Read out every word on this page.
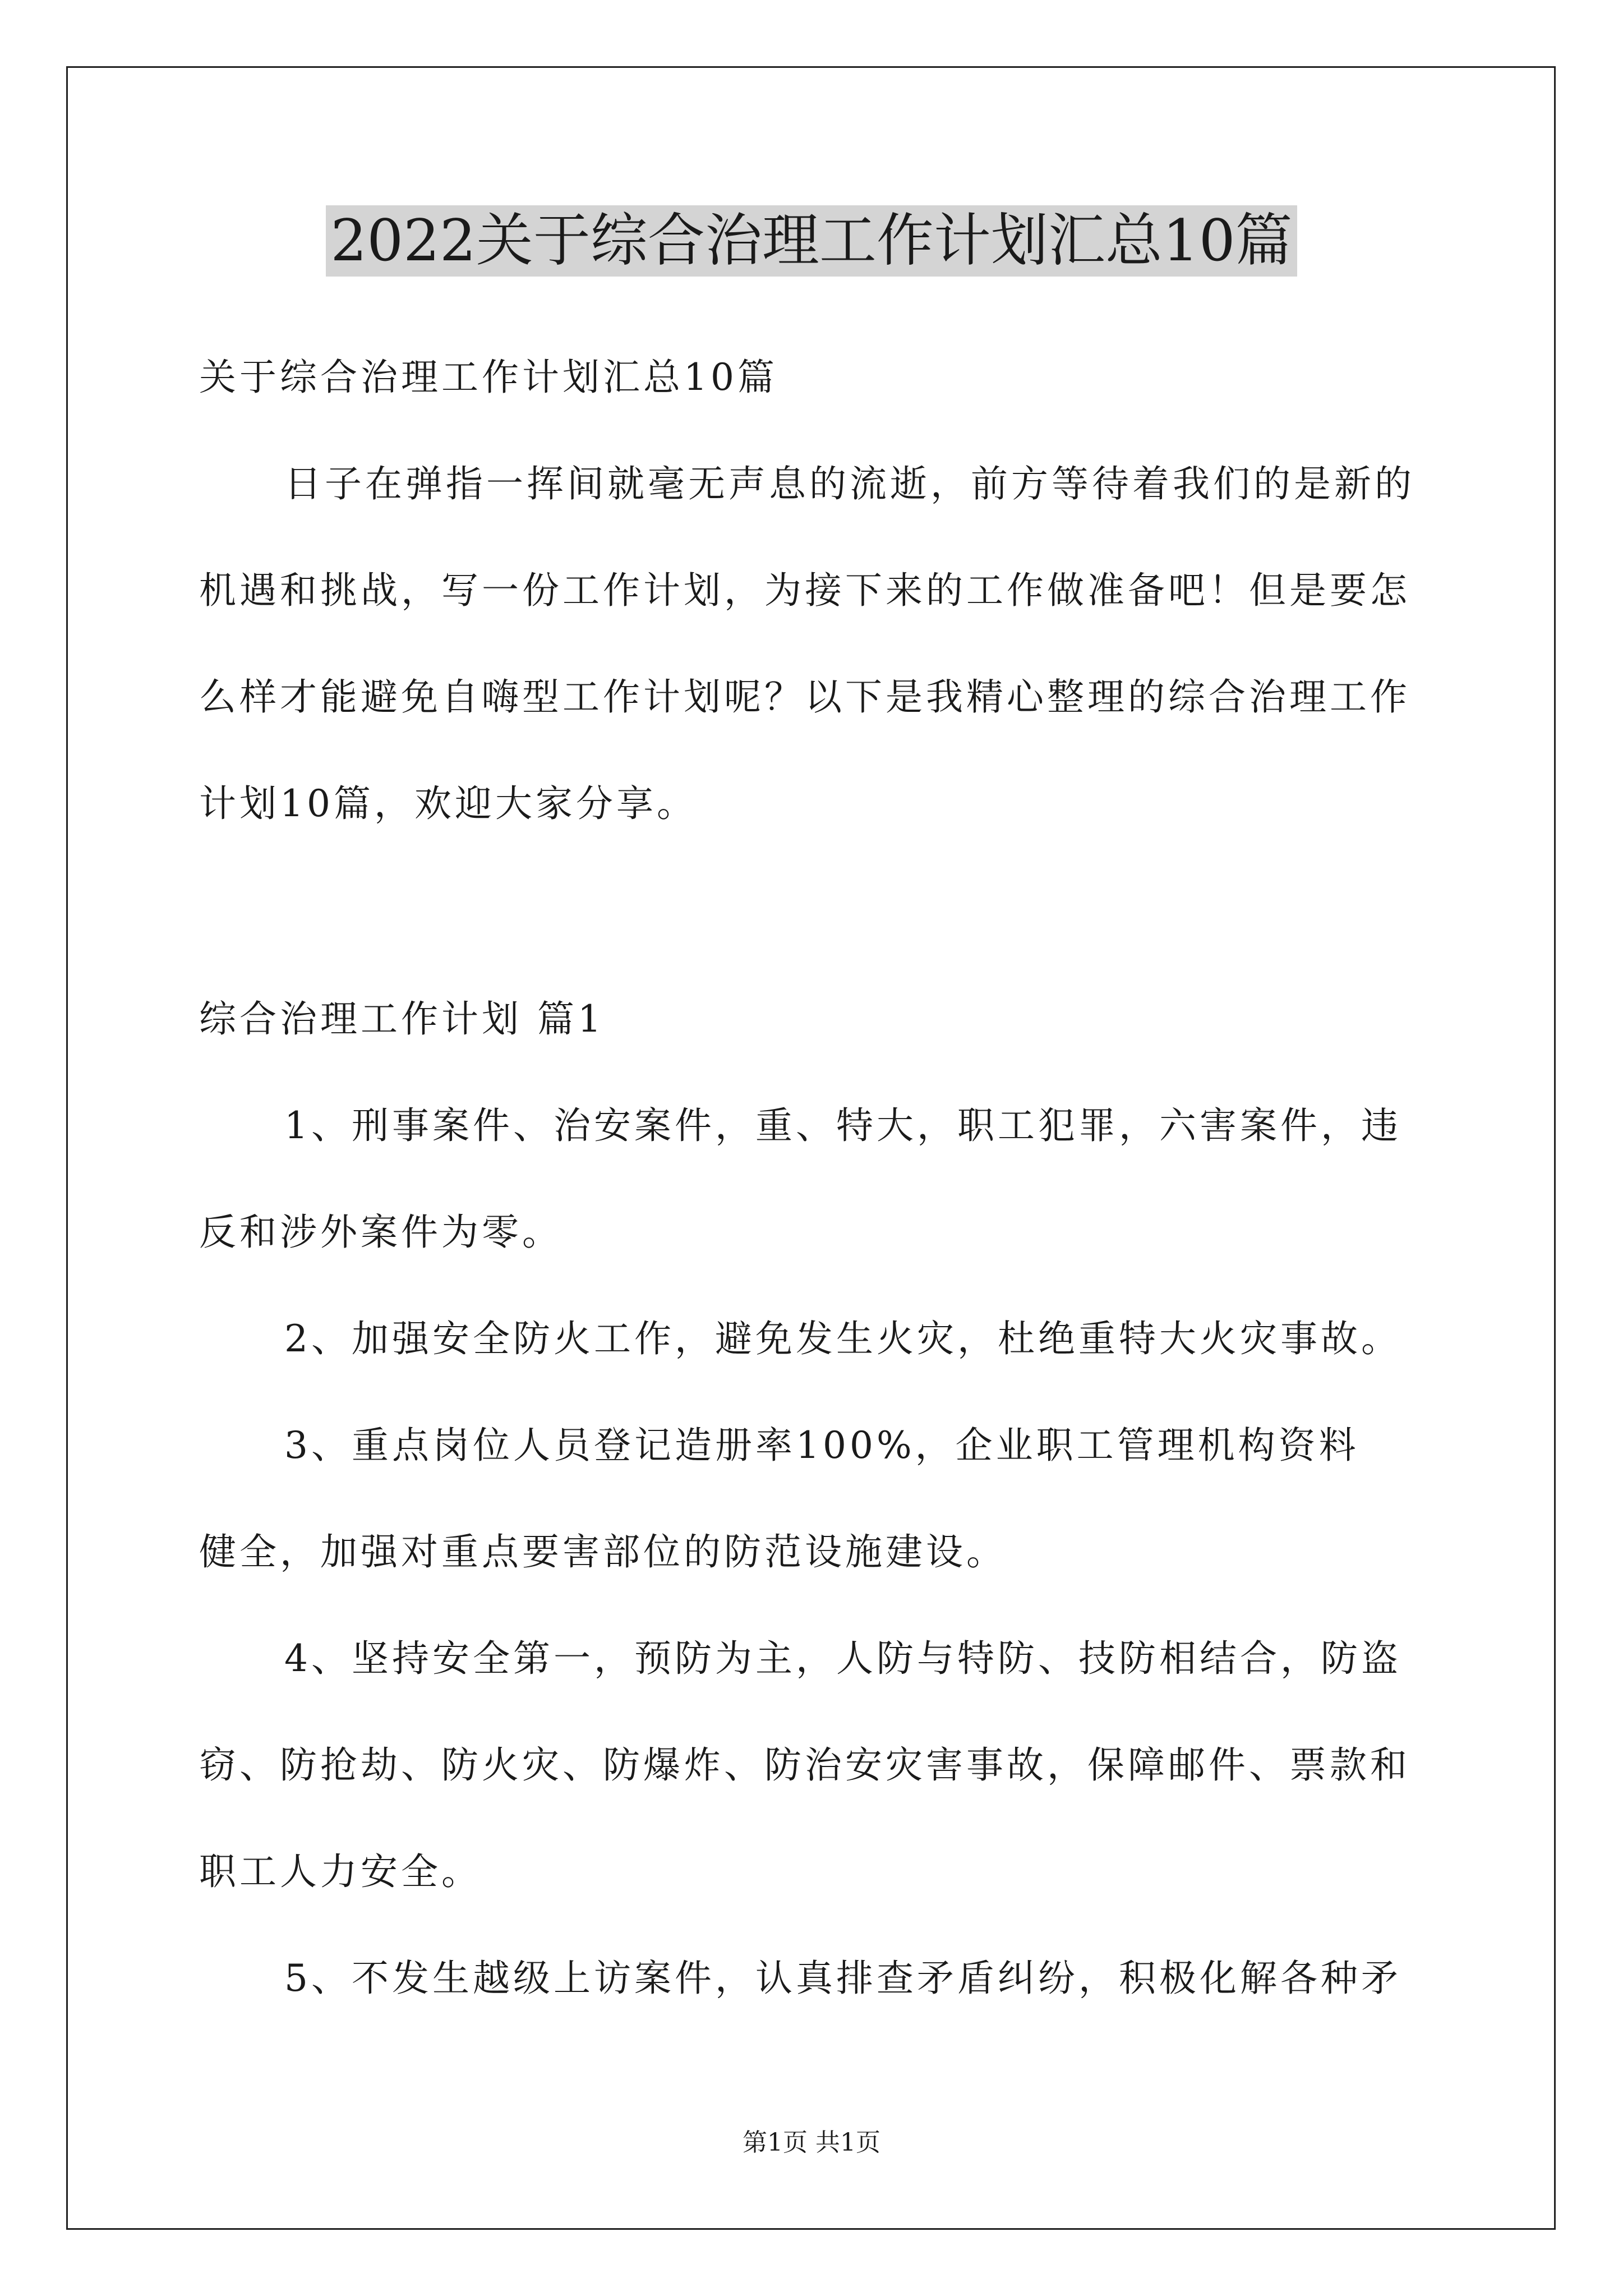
2022关于综合治理工作计划汇总10篇
关于综合治理工作计划汇总10篇
日子在弹指一挥间就毫无声息的流逝，前方等待着我们的是新的
机遇和挑战，写一份工作计划，为接下来的工作做准备吧！但是要怎
么样才能避免自嗨型工作计划呢？以下是我精心整理的综合治理工作
计划10篇，欢迎大家分享。
综合治理工作计划 篇1
1、刑事案件、治安案件，重、特大，职工犯罪，六害案件，违
反和涉外案件为零。
2、加强安全防火工作，避免发生火灾，杜绝重特大火灾事故。
3、重点岗位人员登记造册率100%，企业职工管理机构资料
健全，加强对重点要害部位的防范设施建设。
4、坚持安全第一，预防为主，人防与特防、技防相结合，防盗
窃、防抢劫、防火灾、防爆炸、防治安灾害事故，保障邮件、票款和
职工人力安全。
5、不发生越级上访案件，认真排查矛盾纠纷，积极化解各种矛
第1页 共1页
